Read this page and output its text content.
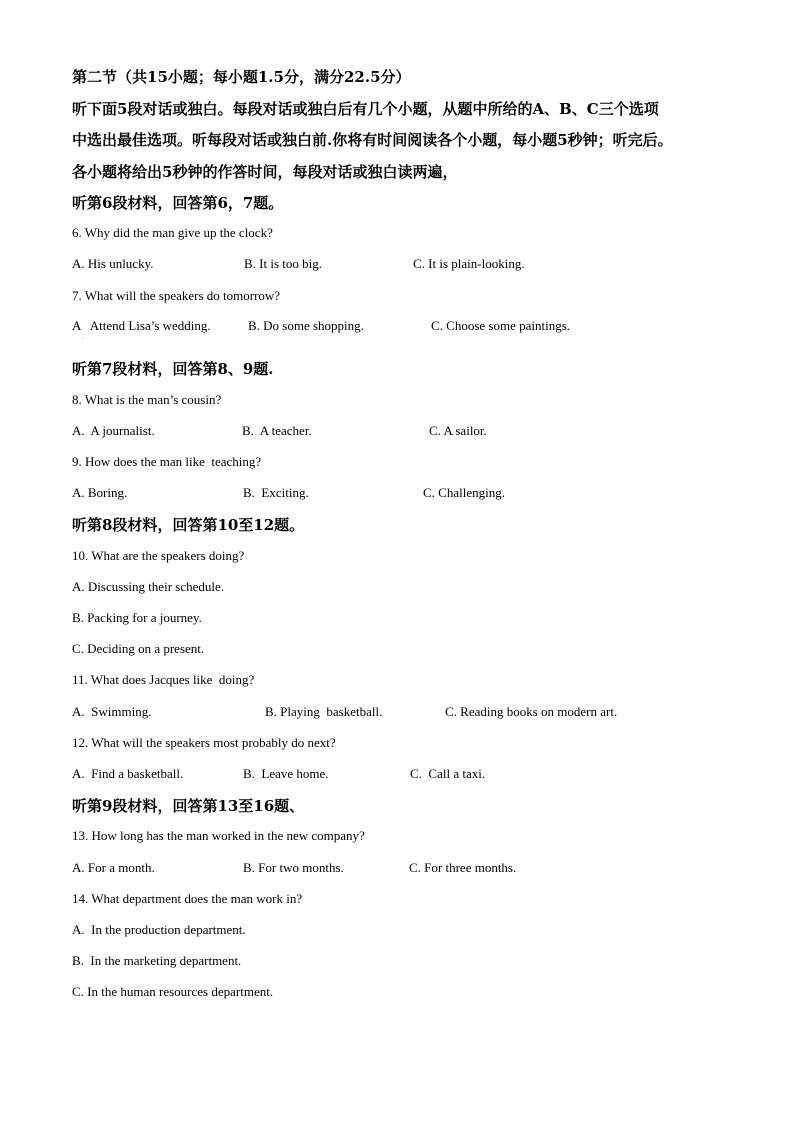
第二节（共15小题；每小题1.5分，满分22.5分）
听下面5段对话或独白。每段对话或独白后有几个小题，从题中所给的A、B、C三个选项
中选出最佳选项。听每段对话或独白前.你将有时间阅读各个小题，每小题5秒钟；听完后。
各小题将给出5秒钟的作答时间，每段对话或独白读两遍，
听第6段材料，回答第6，7题。
6. Why did the man give up the clock?
A. His unlucky.	B. It is too big.	C. It is plain-looking.
7. What will the speakers do tomorrow?
A   Attend Lisa’s wedding.	B. Do some shopping.	C. Choose some paintings.
·
听第7段材料，回答第8、9题.
8. What is the man’s cousin?
A.  A journalist.	B.  A teacher.	C. A sailor.
9. How does the man like  teaching?
A. Boring.	B.  Exciting.	C. Challenging.
听第8段材料，回答第10至12题。
10. What are the speakers doing?
A. Discussing their schedule.
B. Packing for a journey.
C. Deciding on a present.
11. What does Jacques like  doing?
A.  Swimming.	B. Playing  basketball.	C. Reading books on modern art.
12. What will the speakers most probably do next?
A.  Find a basketball.	B.  Leave home.	C.  Call a taxi.
听第9段材料，回答第13至16题、
13. How long has the man worked in the new company?
A. For a month.	B. For two months.	C. For three months.
14. What department does the man work in?
A.  In the production department.
B.  In the marketing department.
C. In the human resources department.
